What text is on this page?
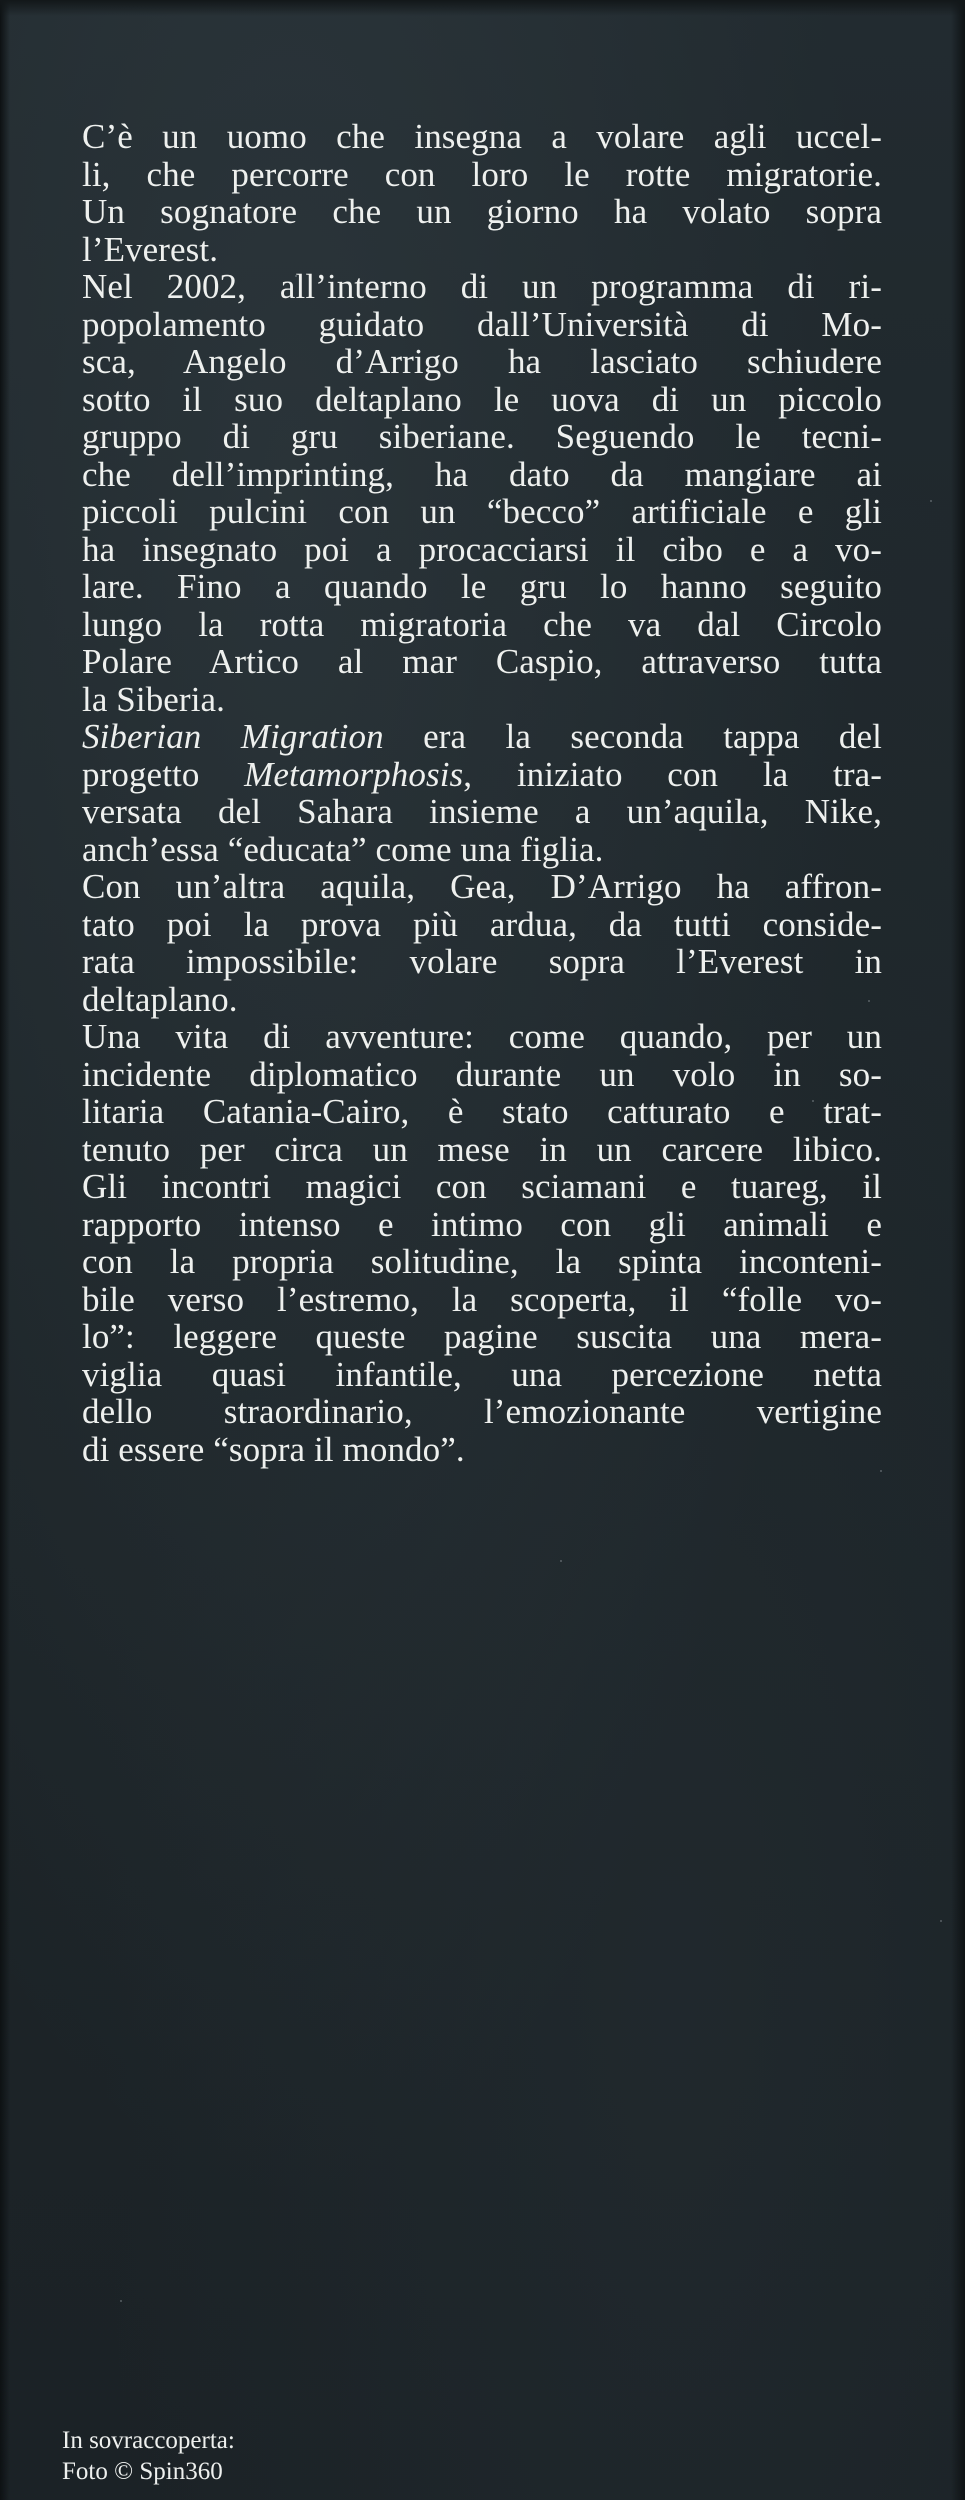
C’è un uomo che insegna a volare agli uccel-
li, che percorre con loro le rotte migratorie.
Un sognatore che un giorno ha volato sopra
l’Everest.
Nel 2002, all’interno di un programma di ri-
popolamento guidato dall’Università di Mo-
sca, Angelo d’Arrigo ha lasciato schiudere
sotto il suo deltaplano le uova di un piccolo
gruppo di gru siberiane. Seguendo le tecni-
che dell’imprinting, ha dato da mangiare ai
piccoli pulcini con un “becco” artificiale e gli
ha insegnato poi a procacciarsi il cibo e a vo-
lare. Fino a quando le gru lo hanno seguito
lungo la rotta migratoria che va dal Circolo
Polare Artico al mar Caspio, attraverso tutta
la Siberia.
Siberian Migration era la seconda tappa del
progetto Metamorphosis, iniziato con la tra-
versata del Sahara insieme a un’aquila, Nike,
anch’essa “educata” come una figlia.
Con un’altra aquila, Gea, D’Arrigo ha affron-
tato poi la prova più ardua, da tutti conside-
rata impossibile: volare sopra l’Everest in
deltaplano.
Una vita di avventure: come quando, per un
incidente diplomatico durante un volo in so-
litaria Catania-Cairo, è stato catturato e trat-
tenuto per circa un mese in un carcere libico.
Gli incontri magici con sciamani e tuareg, il
rapporto intenso e intimo con gli animali e
con la propria solitudine, la spinta inconteni-
bile verso l’estremo, la scoperta, il “folle vo-
lo”: leggere queste pagine suscita una mera-
viglia quasi infantile, una percezione netta
dello straordinario, l’emozionante vertigine
di essere “sopra il mondo”.
In sovraccoperta:
Foto © Spin360
